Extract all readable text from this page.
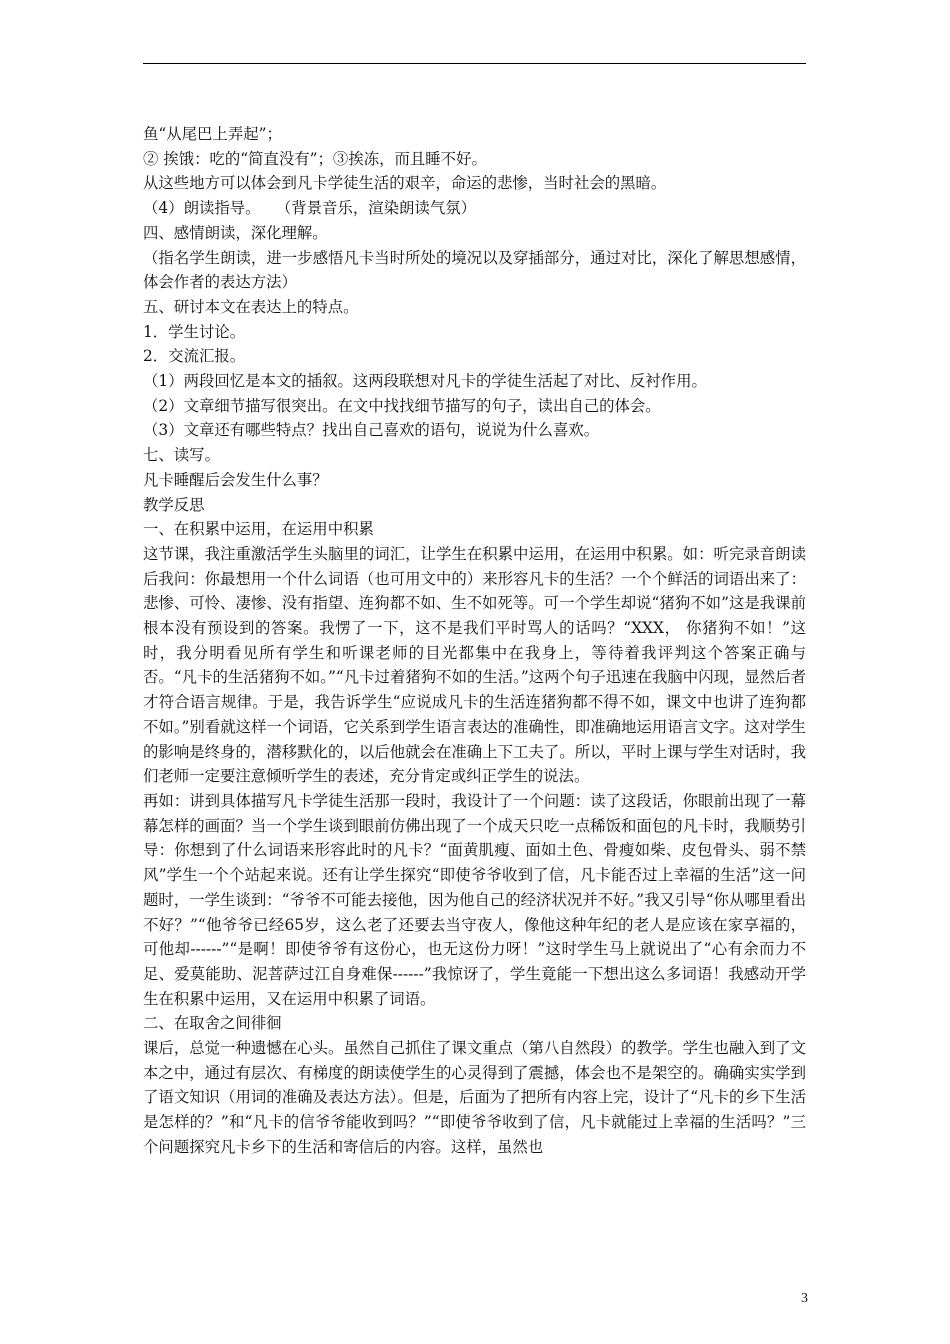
鱼“从尾巴上弄起”；

② 挨饿：吃的“简直没有”；③挨冻，而且睡不好。

从这些地方可以体会到凡卡学徒生活的艰辛，命运的悲惨，当时社会的黑暗。

（4）朗读指导。　　（背景音乐，渲染朗读气氛）

四、感情朗读，深化理解。

（指名学生朗读，进一步感悟凡卡当时所处的境况以及穿插部分，通过对比，深化了解思想感情，体会作者的表达方法）

五、研讨本文在表达上的特点。

1．学生讨论。

2．交流汇报。

（1）两段回忆是本文的插叙。这两段联想对凡卡的学徒生活起了对比、反衬作用。

（2）文章细节描写很突出。在文中找找细节描写的句子，读出自己的体会。

（3）文章还有哪些特点？找出自己喜欢的语句，说说为什么喜欢。

七、读写。

凡卡睡醒后会发生什么事？

教学反思

一、在积累中运用，在运用中积累

这节课，我注重激活学生头脑里的词汇，让学生在积累中运用，在运用中积累。如：听完录音朗读后我问：你最想用一个什么词语（也可用文中的）来形容凡卡的生活？一个个鲜活的词语出来了：悲惨、可怜、凄惨、没有指望、连狗都不如、生不如死等。可一个学生却说“猪狗不如”这是我课前根本没有预设到的答案。我愣了一下，这不是我们平时骂人的话吗？“XXX， 你猪狗不如！”这时，我分明看见所有学生和听课老师的目光都集中在我身上，等待着我评判这个答案正确与否。“凡卡的生活猪狗不如。”“凡卡过着猪狗不如的生活。”这两个句子迅速在我脑中闪现，显然后者才符合语言规律。于是，我告诉学生“应说成凡卡的生活连猪狗都不得不如，课文中也讲了连狗都不如。”别看就这样一个词语，它关系到学生语言表达的准确性，即准确地运用语言文字。这对学生的影响是终身的，潜移默化的，以后他就会在准确上下工夫了。所以，平时上课与学生对话时，我们老师一定要注意倾听学生的表述，充分肯定或纠正学生的说法。

再如：讲到具体描写凡卡学徒生活那一段时，我设计了一个问题：读了这段话，你眼前出现了一幕幕怎样的画面？当一个学生谈到眼前仿佛出现了一个成天只吃一点稀饭和面包的凡卡时，我顺势引导：你想到了什么词语来形容此时的凡卡？“面黄肌瘦、面如土色、骨瘦如柴、皮包骨头、弱不禁风”学生一个个站起来说。还有让学生探究“即使爷爷收到了信，凡卡能否过上幸福的生活”这一问题时，一学生谈到：“爷爷不可能去接他，因为他自己的经济状况并不好。”我又引导“你从哪里看出不好？”“他爷爷已经65岁，这么老了还要去当守夜人，像他这种年纪的老人是应该在家享福的，可他却------”“是啊！即使爷爷有这份心，也无这份力呀！”这时学生马上就说出了“心有余而力不足、爱莫能助、泥菩萨过江自身难保------”我惊讶了，学生竟能一下想出这么多词语！我感动开学生在积累中运用，又在运用中积累了词语。

二、在取舍之间徘徊

课后，总觉一种遗憾在心头。虽然自己抓住了课文重点（第八自然段）的教学。学生也融入到了文本之中，通过有层次、有梯度的朗读使学生的心灵得到了震撼，体会也不是架空的。确确实实学到了语文知识（用词的准确及表达方法）。但是，后面为了把所有内容上完，设计了“凡卡的乡下生活是怎样的？”和“凡卡的信爷爷能收到吗？”“即使爷爷收到了信，凡卡就能过上幸福的生活吗？”三个问题探究凡卡乡下的生活和寄信后的内容。这样，虽然也

3
